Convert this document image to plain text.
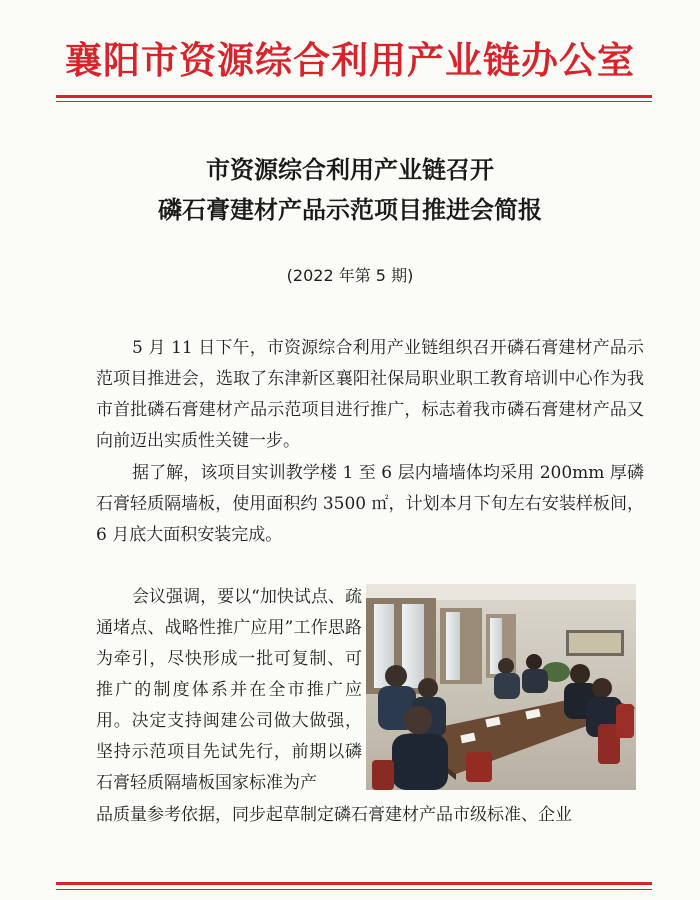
襄阳市资源综合利用产业链办公室
市资源综合利用产业链召开
磷石膏建材产品示范项目推进会简报
(2022 年第 5 期)

5 月 11 日下午，市资源综合利用产业链组织召开磷石膏建材产品示范项目推进会，选取了东津新区襄阳社保局职业职工教育培训中心作为我市首批磷石膏建材产品示范项目进行推广，标志着我市磷石膏建材产品又向前迈出实质性关键一步。

据了解，该项目实训教学楼 1 至 6 层内墙墙体均采用 200mm 厚磷石膏轻质隔墙板，使用面积约 3500 ㎡，计划本月下旬左右安装样板间，6 月底大面积安装完成。

会议强调，要以“加快试点、疏通堵点、战略性推广应用”工作思路为牵引，尽快形成一批可复制、可推广的制度体系并在全市推广应用。决定支持闽建公司做大做强，坚持示范项目先试先行，前期以磷石膏轻质隔墙板国家标准为产

品质量参考依据，同步起草制定磷石膏建材产品市级标准、企业
